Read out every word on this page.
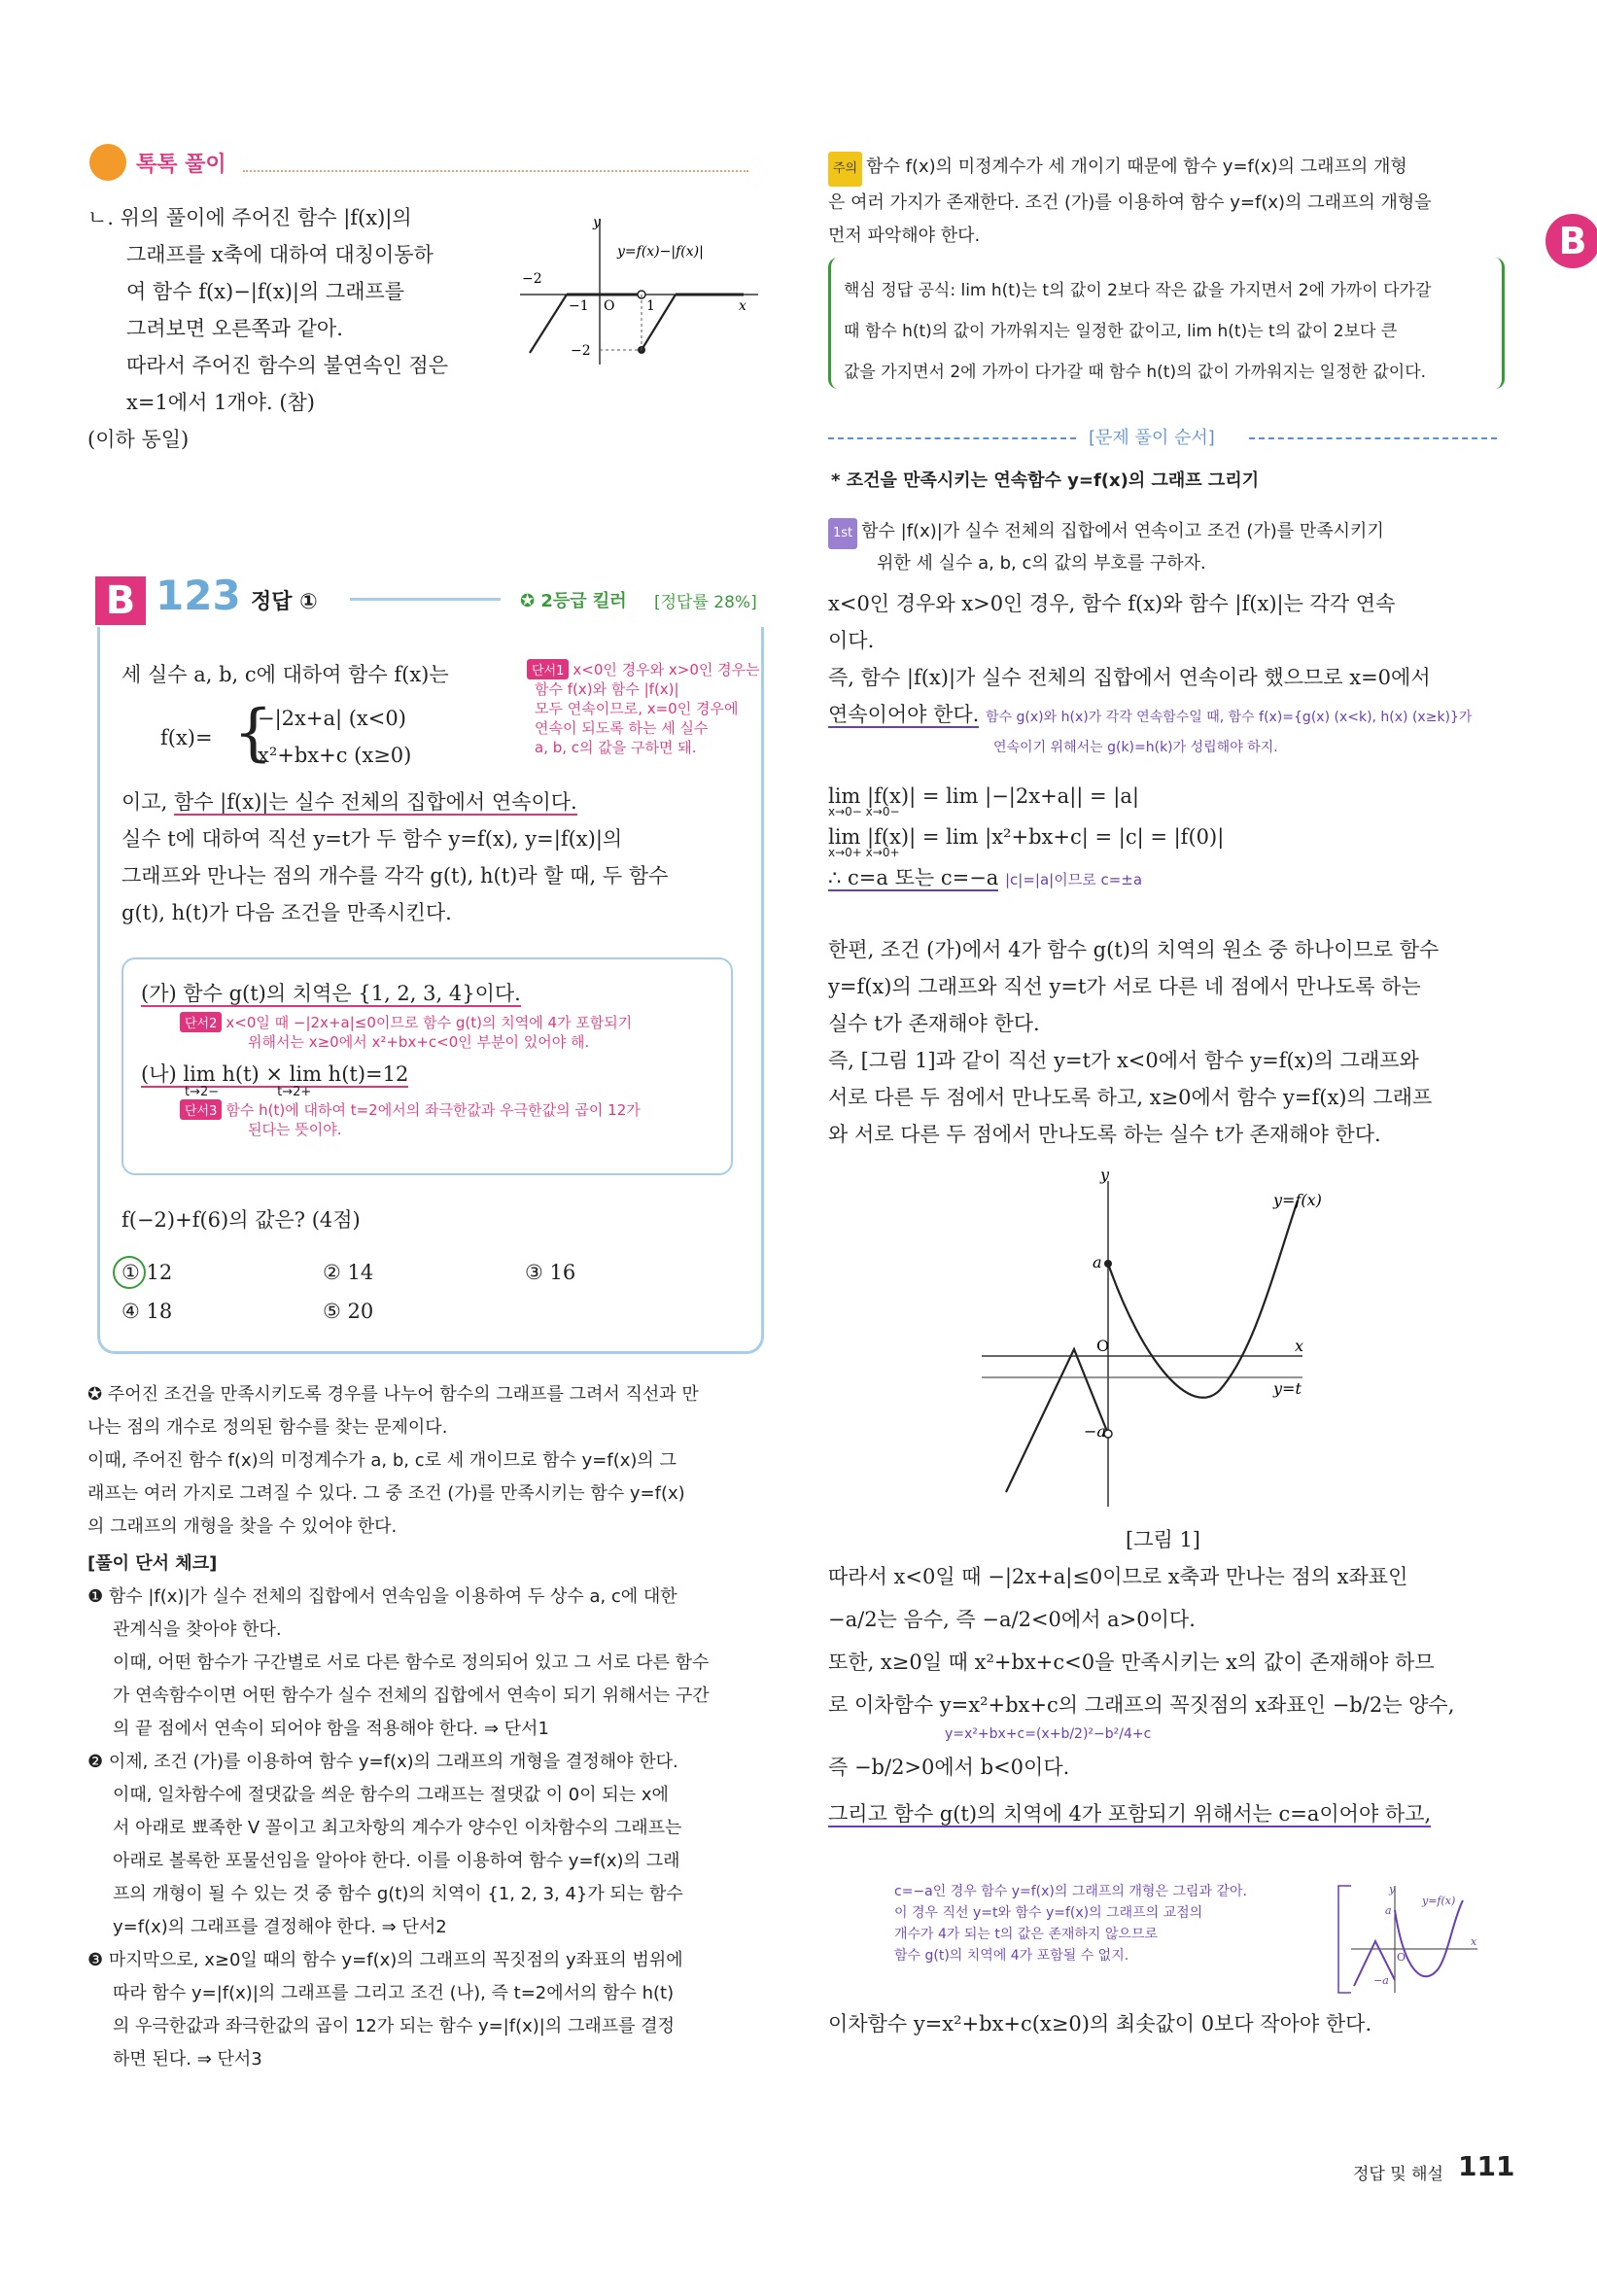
톡톡 풀이
B

ㄴ. 위의 풀이에 주어진 함수 |f(x)|의

그래프를 x축에 대하여 대칭이동하

여 함수 f(x)−|f(x)|의 그래프를

그려보면 오른쪽과 같아.

따라서 주어진 함수의 불연속인 점은

x=1에서 1개야. (참)

(이하 동일)

y
x
y=f(x)−|f(x)|
O
−2
−1	1
−2
B 123 정답 ①	✪ 2등급 킬러 [정답률 28%]

세 실수 a, b, c에 대하여 함수 f(x)는	단서1 x<0인 경우와 x>0인 경우는
함수 f(x)와 함수 |f(x)|
모두 연속이므로, x=0인 경우에
연속이 되도록 하는 세 실수
a, b, c의 값을 구하면 돼.
f(x)= {
−|2x+a| (x<0)
x²+bx+c (x≥0)

이고, 함수 |f(x)|는 실수 전체의 집합에서 연속이다.

실수 t에 대하여 직선 y=t가 두 함수 y=f(x), y=|f(x)|의

그래프와 만나는 점의 개수를 각각 g(t), h(t)라 할 때, 두 함수

g(t), h(t)가 다음 조건을 만족시킨다.

(가) 함수 g(t)의 치역은 {1, 2, 3, 4}이다.

단서2 x<0일 때 −|2x+a|≤0이므로 함수 g(t)의 치역에 4가 포함되기
위해서는 x≥0에서 x²+bx+c<0인 부분이 있어야 해.

(나) lim h(t) × lim h(t)=12

t→2−	t→2+
단서3 함수 h(t)에 대하여 t=2에서의 좌극한값과 우극한값의 곱이 12가
된다는 뜻이야.
f(−2)+f(6)의 값은? (4점)
① 12	② 14	③ 16
④ 18	⑤ 20
✪ 주어진 조건을 만족시키도록 경우를 나누어 함수의 그래프를 그려서 직선과 만
나는 점의 개수로 정의된 함수를 찾는 문제이다.
이때, 주어진 함수 f(x)의 미정계수가 a, b, c로 세 개이므로 함수 y=f(x)의 그
래프는 여러 가지로 그려질 수 있다. 그 중 조건 (가)를 만족시키는 함수 y=f(x)
의 그래프의 개형을 찾을 수 있어야 한다.
[풀이 단서 체크]
❶ 함수 |f(x)|가 실수 전체의 집합에서 연속임을 이용하여 두 상수 a, c에 대한
관계식을 찾아야 한다.
이때, 어떤 함수가 구간별로 서로 다른 함수로 정의되어 있고 그 서로 다른 함수
가 연속함수이면 어떤 함수가 실수 전체의 집합에서 연속이 되기 위해서는 구간
의 끝 점에서 연속이 되어야 함을 적용해야 한다. ⇒ 단서1
❷ 이제, 조건 (가)를 이용하여 함수 y=f(x)의 그래프의 개형을 결정해야 한다.
이때, 일차함수에 절댓값을 씌운 함수의 그래프는 절댓값 이 0이 되는 x에
서 아래로 뾰족한 V 꼴이고 최고차항의 계수가 양수인 이차함수의 그래프는
아래로 볼록한 포물선임을 알아야 한다. 이를 이용하여 함수 y=f(x)의 그래
프의 개형이 될 수 있는 것 중 함수 g(t)의 치역이 {1, 2, 3, 4}가 되는 함수
y=f(x)의 그래프를 결정해야 한다. ⇒ 단서2
❸ 마지막으로, x≥0일 때의 함수 y=f(x)의 그래프의 꼭짓점의 y좌표의 범위에
따라 함수 y=|f(x)|의 그래프를 그리고 조건 (나), 즉 t=2에서의 함수 h(t)
의 우극한값과 좌극한값의 곱이 12가 되는 함수 y=|f(x)|의 그래프를 결정
하면 된다. ⇒ 단서3
주의 함수 f(x)의 미정계수가 세 개이기 때문에 함수 y=f(x)의 그래프의 개형
은 여러 가지가 존재한다. 조건 (가)를 이용하여 함수 y=f(x)의 그래프의 개형을
먼저 파악해야 한다.
핵심 정답 공식: lim h(t)는 t의 값이 2보다 작은 값을 가지면서 2에 가까이 다가갈
때 함수 h(t)의 값이 가까워지는 일정한 값이고, lim h(t)는 t의 값이 2보다 큰
값을 가지면서 2에 가까이 다가갈 때 함수 h(t)의 값이 가까워지는 일정한 값이다.
[문제 풀이 순서]
* 조건을 만족시키는 연속함수 y=f(x)의 그래프 그리기
1st 함수 |f(x)|가 실수 전체의 집합에서 연속이고 조건 (가)를 만족시키기
위한 세 실수 a, b, c의 값의 부호를 구하자.

x<0인 경우와 x>0인 경우, 함수 f(x)와 함수 |f(x)|는 각각 연속

이다.

즉, 함수 |f(x)|가 실수 전체의 집합에서 연속이라 했으므로 x=0에서

연속이어야 한다. 함수 g(x)와 h(x)가 각각 연속함수일 때, 함수 f(x)={g(x) (x<k), h(x) (x≥k)}가

연속이기 위해서는 g(k)=h(k)가 성립해야 하지.

lim |f(x)| = lim |−|2x+a|| = |a|

x→0− x→0−

lim |f(x)| = lim |x²+bx+c| = |c| = |f(0)|

x→0+ x→0+

∴ c=a 또는 c=−a |c|=|a|이므로 c=±a

한편, 조건 (가)에서 4가 함수 g(t)의 치역의 원소 중 하나이므로 함수

y=f(x)의 그래프와 직선 y=t가 서로 다른 네 점에서 만나도록 하는

실수 t가 존재해야 한다.

즉, [그림 1]과 같이 직선 y=t가 x<0에서 함수 y=f(x)의 그래프와

서로 다른 두 점에서 만나도록 하고, x≥0에서 함수 y=f(x)의 그래프

와 서로 다른 두 점에서 만나도록 하는 실수 t가 존재해야 한다.

y
y=f(x)
a
O	x
y=t
−a
[그림 1]

따라서 x<0일 때 −|2x+a|≤0이므로 x축과 만나는 점의 x좌표인

−a/2는 음수, 즉 −a/2<0에서 a>0이다.

또한, x≥0일 때 x²+bx+c<0을 만족시키는 x의 값이 존재해야 하므

로 이차함수 y=x²+bx+c의 그래프의 꼭짓점의 x좌표인 −b/2는 양수,

y=x²+bx+c=(x+b/2)²−b²/4+c

즉 −b/2>0에서 b<0이다.

그리고 함수 g(t)의 치역에 4가 포함되기 위해서는 c=a이어야 하고,

c=−a인 경우 함수 y=f(x)의 그래프의 개형은 그림과 같아.
이 경우 직선 y=t와 함수 y=f(x)의 그래프의 교점의
개수가 4가 되는 t의 값은 존재하지 않으므로
함수 g(t)의 치역에 4가 포함될 수 없지.
y
y=f(x)
a
O
x
−a
이차함수 y=x²+bx+c(x≥0)의 최솟값이 0보다 작아야 한다.
정답 및 해설 111
